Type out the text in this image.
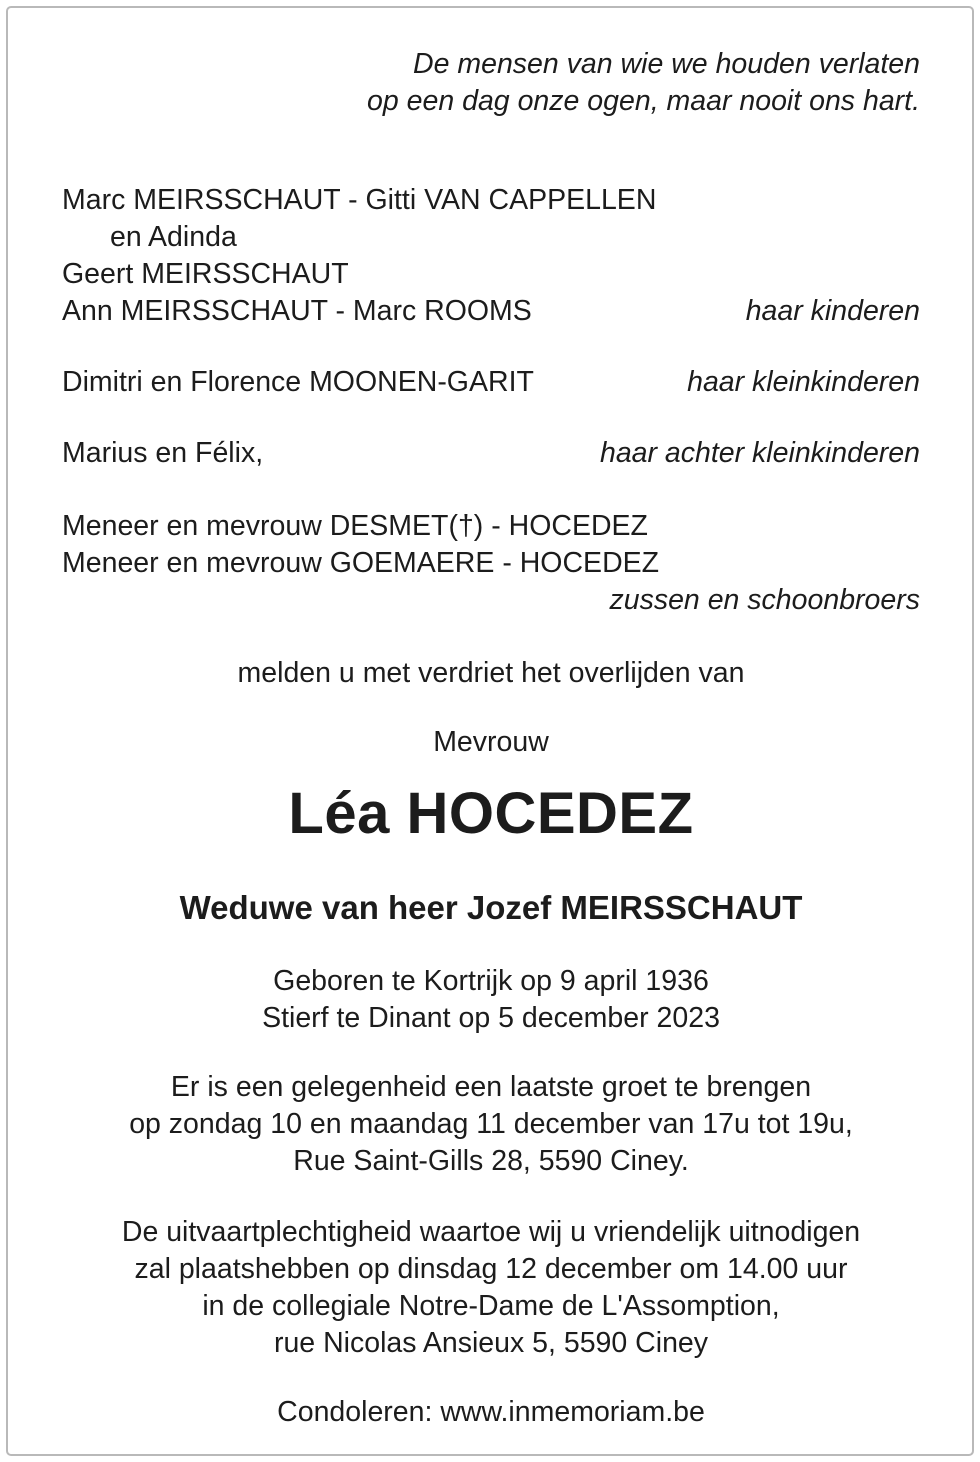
De mensen van wie we houden verlaten
op een dag onze ogen, maar nooit ons hart.
Marc MEIRSSCHAUT - Gitti VAN CAPPELLEN
en Adinda
Geert MEIRSSCHAUT
Ann MEIRSSCHAUT - Marc ROOMS	haar kinderen
Dimitri en Florence MOONEN-GARIT	haar kleinkinderen
Marius en Félix,	haar achter kleinkinderen
Meneer en mevrouw DESMET(†) - HOCEDEZ
Meneer en mevrouw GOEMAERE - HOCEDEZ
zussen en schoonbroers
melden u met verdriet het overlijden van
Mevrouw
Léa HOCEDEZ
Weduwe van heer Jozef MEIRSSCHAUT
Geboren te Kortrijk op 9 april 1936
Stierf te Dinant op 5 december 2023
Er is een gelegenheid een laatste groet te brengen
op zondag 10 en maandag 11 december van 17u tot 19u,
Rue Saint-Gills 28, 5590 Ciney.
De uitvaartplechtigheid waartoe wij u vriendelijk uitnodigen
zal plaatshebben op dinsdag 12 december om 14.00 uur
in de collegiale Notre-Dame de L'Assomption,
rue Nicolas Ansieux 5, 5590 Ciney
Condoleren: www.inmemoriam.be
